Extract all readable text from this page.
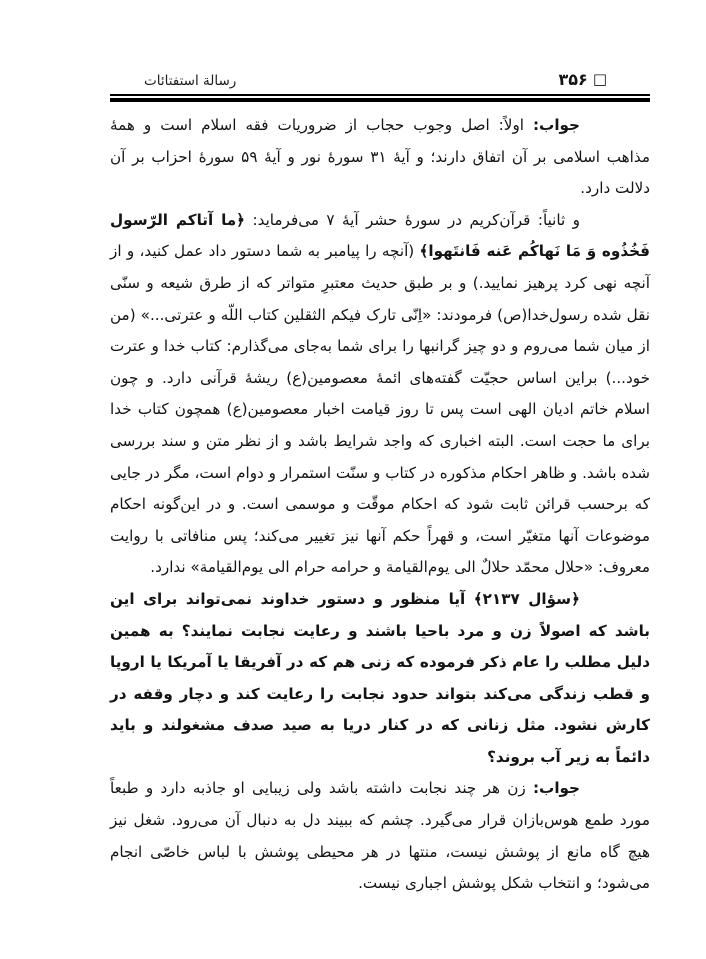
□
۳۵۶
رسالة استفتائات

جواب: اولاً: اصل وجوب حجاب از ضروریات فقه اسلام است و همهٔ مذاهب اسلامی بر آن اتفاق دارند؛ و آیهٔ ۳۱ سورهٔ نور و آیهٔ ۵۹ سورهٔ احزاب بر آن دلالت دارد.

و ثانیاً: قرآن‌کریم در سورهٔ حشر آیهٔ ۷ می‌فرماید: ﴿ما آتاکم الرّسول فَخُذُوه وَ مَا نَهاکُم عَنه فَانتَهوا﴾ (آنچه را پیامبر به شما دستور داد عمل کنید، و از آنچه نهی کرد پرهیز نمایید.) و بر طبق حدیث معتبرِ متواتر که از طرق شیعه و سنّی نقل شده رسول‌خدا(ص) فرمودند: «اِنّی تارک فیکم الثقلین کتاب اللّه و عترتی...» (من از میان شما می‌روم و دو چیز گرانبها را برای شما به‌جای می‌گذارم: کتاب خدا و عترت خود...) براین اساس حجیّت گفته‌های ائمهٔ معصومین(ع) ریشهٔ قرآنی دارد. و چون اسلام خاتم ادیان الهی است پس تا روز قیامت اخبار معصومین(ع) همچون کتاب خدا برای ما حجت است. البته اخباری که واجد شرایط باشد و از نظر متن و سند بررسی شده باشد. و ظاهر احکام مذکوره در کتاب و سنّت استمرار و دوام است، مگر در جایی که برحسب قرائن ثابت شود که احکام موقّت و موسمی است. و در این‌گونه احکام موضوعات آنها متغیّر است، و قهراً حکم آنها نیز تغییر می‌کند؛ پس منافاتی با روایت معروف: «حلال محمّد حلالٌ الی یوم‌القیامة و حرامه حرام الی یوم‌القیامة» ندارد.

﴿سؤال ۲۱۳۷﴾ آیا منظور و دستور خداوند نمی‌تواند برای این باشد که اصولاً زن و مرد باحیا باشند و رعایت نجابت نمایند؟ به همین دلیل مطلب را عام ذکر فرموده که زنی هم که در آفریقا یا آمریکا یا اروپا و قطب زندگی می‌کند بتواند حدود نجابت را رعایت کند و دچار وقفه در کارش نشود. مثل زنانی که در کنار دریا به صید صدف مشغولند و باید دائماً به زیر آب بروند؟

جواب: زن هر چند نجابت داشته باشد ولی زیبایی او جاذبه دارد و طبعاً مورد طمع هوس‌بازان قرار می‌گیرد. چشم که ببیند دل به دنبال آن می‌رود. شغل نیز هیچ گاه مانع از پوشش نیست، منتها در هر محیطی پوشش با لباس خاصّی انجام می‌شود؛ و انتخاب شکل پوشش اجباری نیست.
